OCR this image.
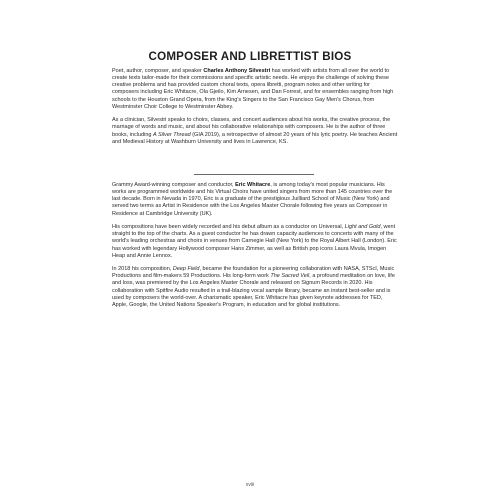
COMPOSER AND LIBRETTIST BIOS

Poet, author, composer, and speaker Charles Anthony Silvestri has worked with artists from all over the world to create texts tailor-made for their commissions and specific artistic needs. He enjoys the challenge of solving these creative problems and has provided custom choral texts, opera libretti, program notes and other writing for composers including Eric Whitacre, Ola Gjeilo, Kim Arnesen, and Dan Forrest, and for ensembles ranging from high schools to the Houston Grand Opera, from the King's Singers to the San Francisco Gay Men's Chorus, from Westminster Choir College to Westminster Abbey.

As a clinician, Silvestri speaks to choirs, classes, and concert audiences about his works, the creative process, the marriage of words and music, and about his collaborative relationships with composers. He is the author of three books, including A Silver Thread (GIA 2019), a retrospective of almost 20 years of his lyric poetry. He teaches Ancient and Medieval History at Washburn University and lives in Lawrence, KS.

Grammy Award-winning composer and conductor, Eric Whitacre, is among today's most popular musicians. His works are programmed worldwide and his Virtual Choirs have united singers from more than 145 countries over the last decade. Born in Nevada in 1970, Eric is a graduate of the prestigious Juilliard School of Music (New York) and served two terms as Artist in Residence with the Los Angeles Master Chorale following five years as Composer in Residence at Cambridge University (UK).

His compositions have been widely recorded and his debut album as a conductor on Universal, Light and Gold, went straight to the top of the charts. As a guest conductor he has drawn capacity audiences to concerts with many of the world's leading orchestras and choirs in venues from Carnegie Hall (New York) to the Royal Albert Hall (London). Eric has worked with legendary Hollywood composer Hans Zimmer, as well as British pop icons Laura Mvula, Imogen Heap and Annie Lennox.

In 2018 his composition, Deep Field, became the foundation for a pioneering collaboration with NASA, STScI, Music Productions and film-makers 59 Productions. His long-form work The Sacred Veil, a profound meditation on love, life and loss, was premiered by the Los Angeles Master Chorale and released on Signum Records in 2020. His collaboration with Spitfire Audio resulted in a trail-blazing vocal sample library, became an instant best-seller and is used by composers the world-over. A charismatic speaker, Eric Whitacre has given keynote addresses for TED, Apple, Google, the United Nations Speaker's Program, in education and for global institutions.

xviii
